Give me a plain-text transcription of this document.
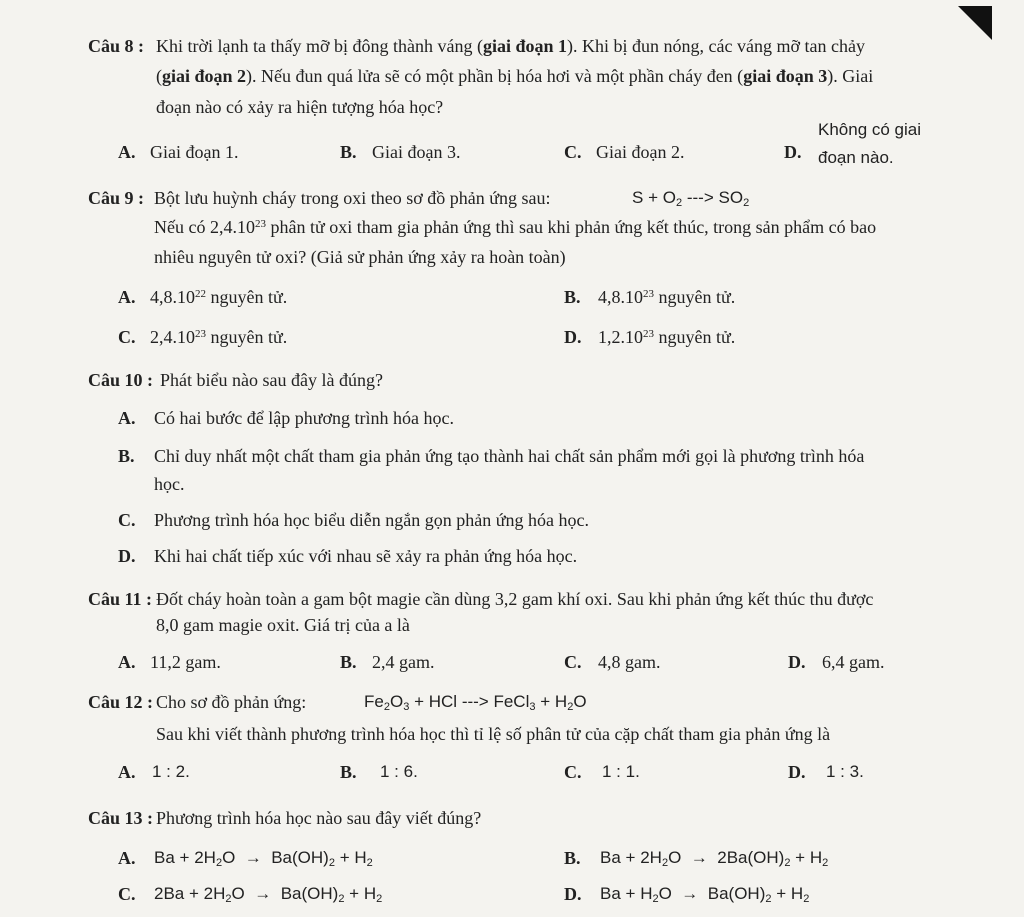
Câu 8 : Khi trời lạnh ta thấy mỡ bị đông thành váng (giai đoạn 1). Khi bị đun nóng, các váng mỡ tan chảy
(giai đoạn 2). Nếu đun quá lửa sẽ có một phần bị hóa hơi và một phần cháy đen (giai đoạn 3). Giai
đoạn nào có xảy ra hiện tượng hóa học?
A. Giai đoạn 1.	B. Giai đoạn 3.	C. Giai đoạn 2.	D.
Không có giai
đoạn nào.
Câu 9 : Bột lưu huỳnh cháy trong oxi theo sơ đồ phản ứng sau:	$S + O_2$ ---> $SO_2$
Nếu có 2,4.10$^{23}$ phân tử oxi tham gia phản ứng thì sau khi phản ứng kết thúc, trong sản phẩm có bao
nhiêu nguyên tử oxi? (Giả sử phản ứng xảy ra hoàn toàn)
A. 4,8.10$^{22}$ nguyên tử.	B. 4,8.10$^{23}$ nguyên tử.
C. 2,4.10$^{23}$ nguyên tử.	D. 1,2.10$^{23}$ nguyên tử.
Câu 10 : Phát biểu nào sau đây là đúng?
A. Có hai bước để lập phương trình hóa học.
B. Chỉ duy nhất một chất tham gia phản ứng tạo thành hai chất sản phẩm mới gọi là phương trình hóa
học.
C. Phương trình hóa học biểu diễn ngắn gọn phản ứng hóa học.
D. Khi hai chất tiếp xúc với nhau sẽ xảy ra phản ứng hóa học.
Câu 11 : Đốt cháy hoàn toàn a gam bột magie cần dùng 3,2 gam khí oxi. Sau khi phản ứng kết thúc thu được
8,0 gam magie oxit. Giá trị của a là
A. 11,2 gam.	B. 2,4 gam.	C. 4,8 gam.	D. 6,4 gam.
Câu 12 : Cho sơ đồ phản ứng:	$Fe_2O_3$ + HCl ---> FeCl$_3$ + $H_2O$
Sau khi viết thành phương trình hóa học thì tỉ lệ số phân tử của cặp chất tham gia phản ứng là
A. 1 : 2.	B. 1 : 6.	C. 1 : 1.	D. 1 : 3.
Câu 13 : Phương trình hóa học nào sau đây viết đúng?
A. $Ba + 2H_2O \to Ba(OH)_2 + H_2$	B. $Ba + 2H_2O \to 2Ba(OH)_2 + H_2$
C. $2Ba + 2H_2O \to Ba(OH)_2 + H_2$	D. $Ba + H_2O \to Ba(OH)_2 + H_2$
